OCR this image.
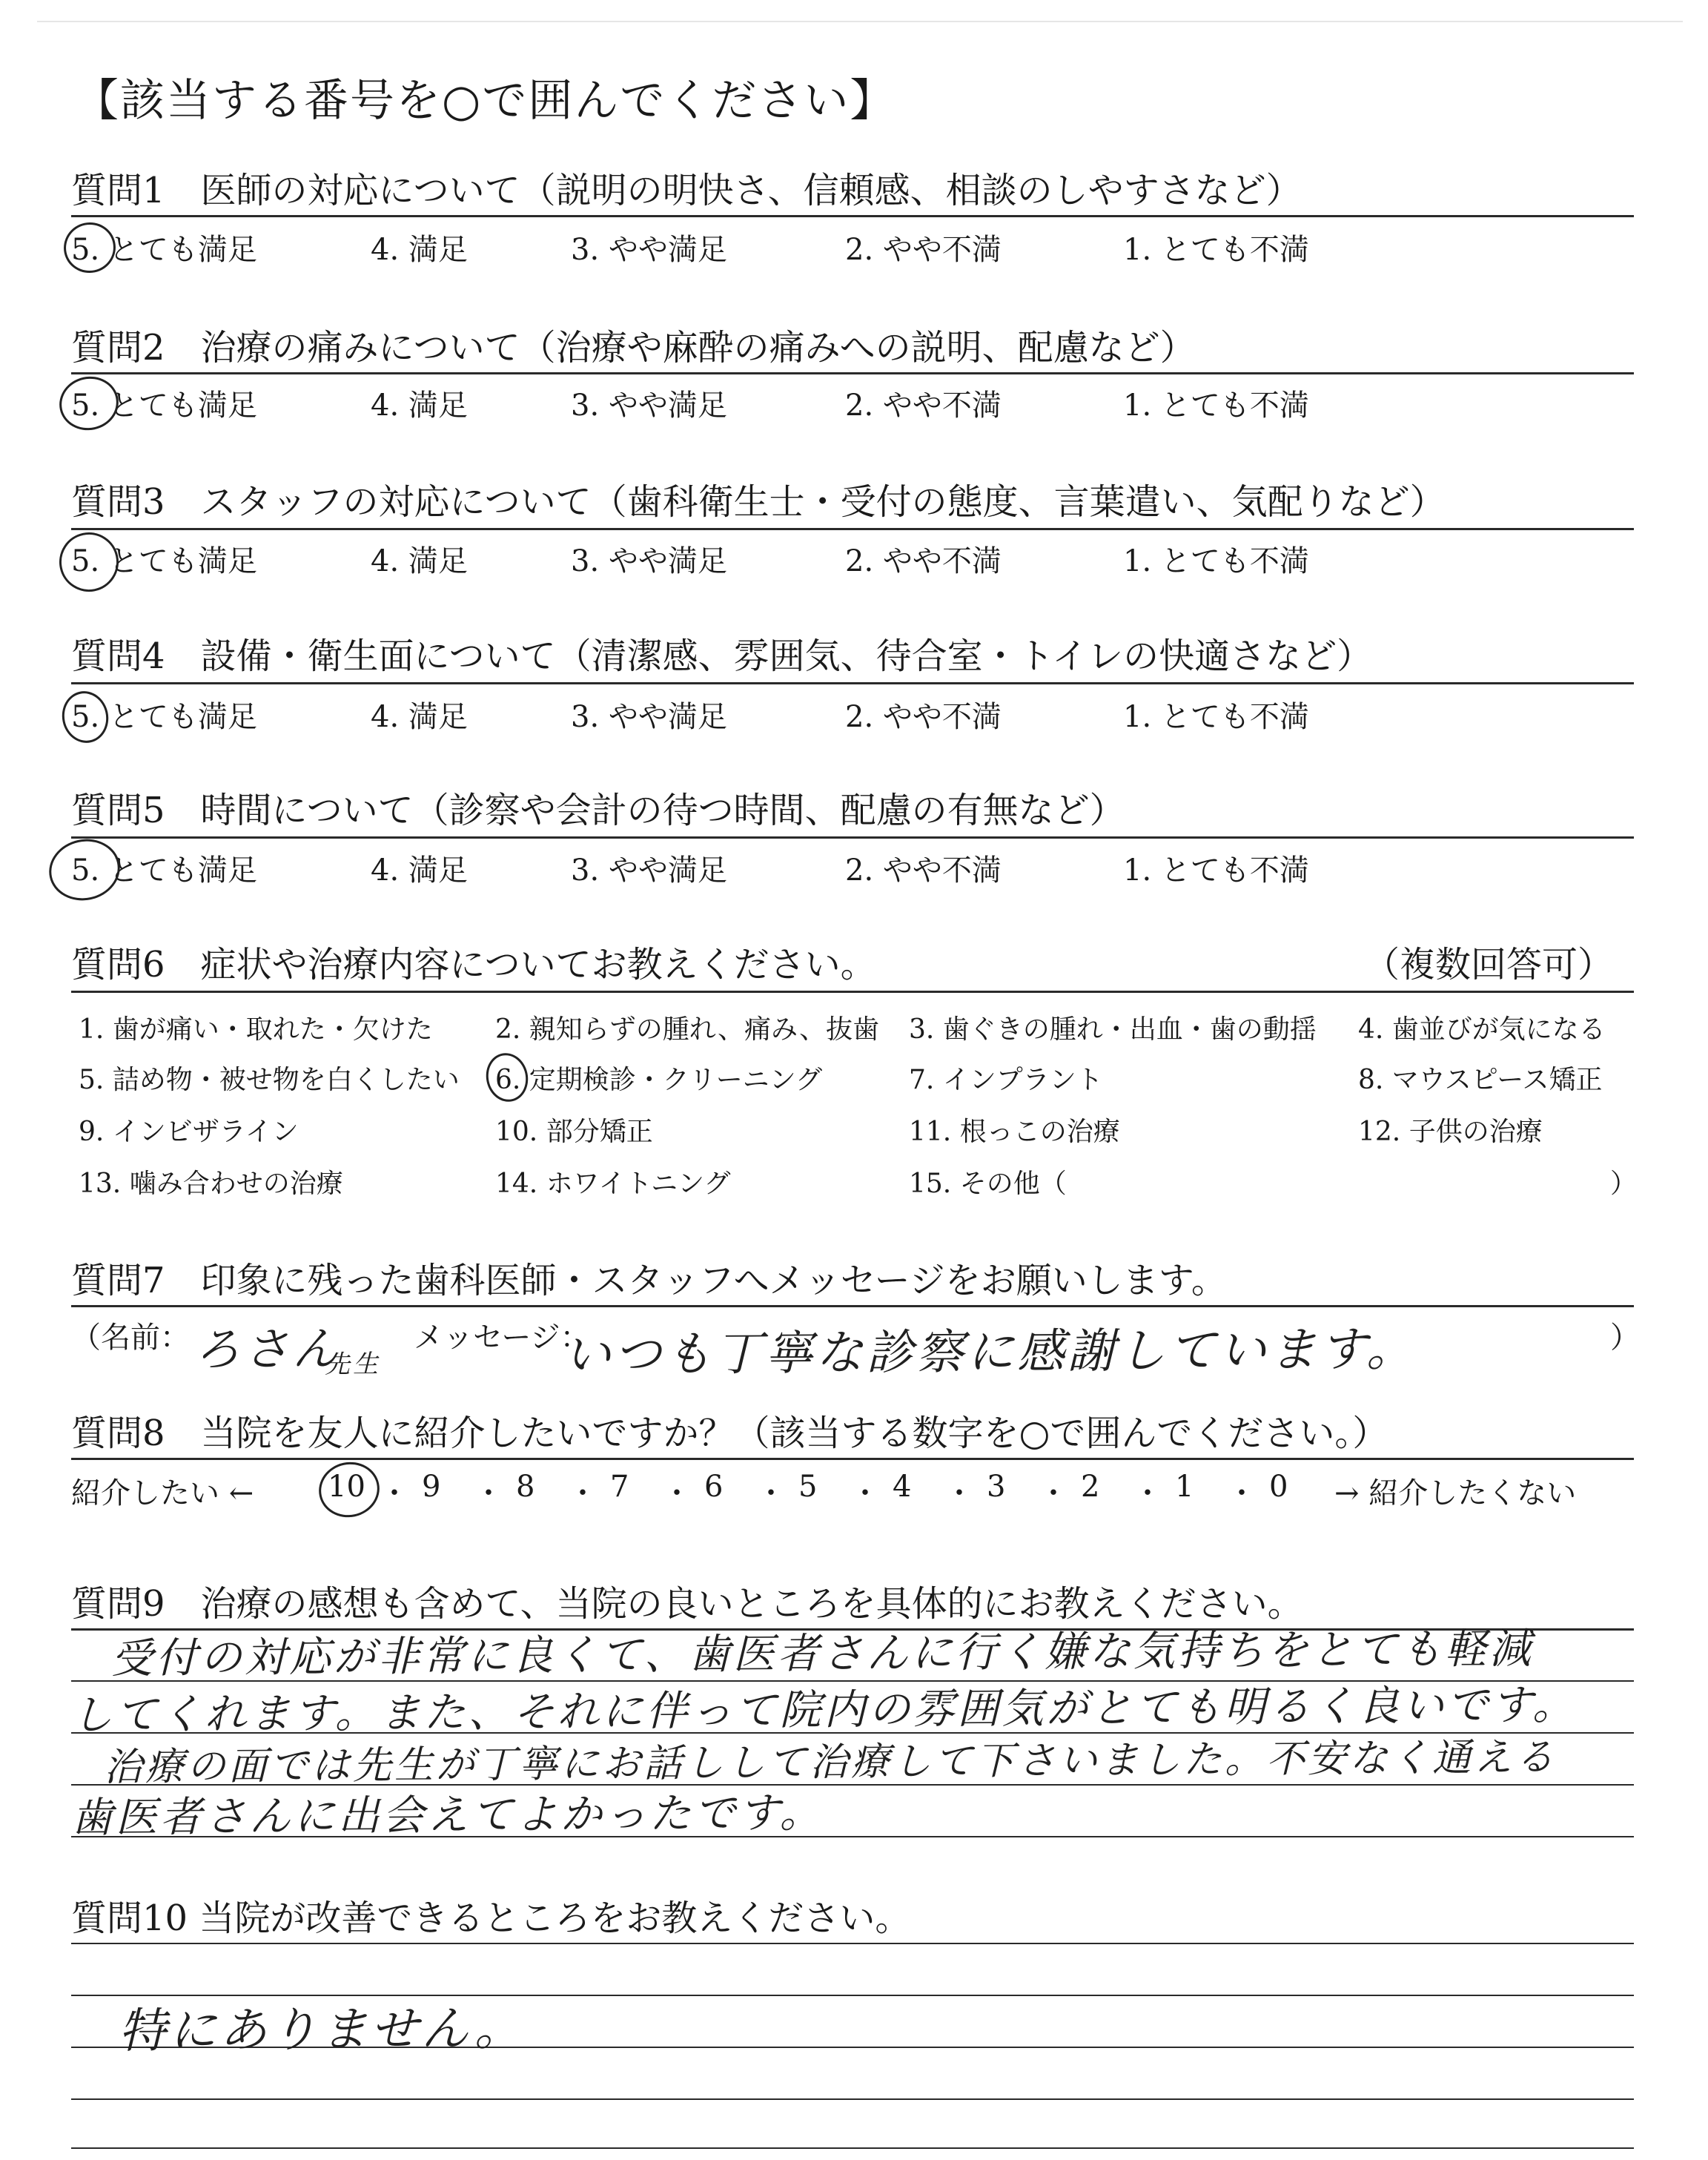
【該当する番号を○で囲んでください】
質問1　医師の対応について（説明の明快さ、信頼感、相談のしやすさなど）
5. とても満足	4. 満足	3. やや満足	2. やや不満	1. とても不満
質問2　治療の痛みについて（治療や麻酔の痛みへの説明、配慮など）
5. とても満足	4. 満足	3. やや満足	2. やや不満	1. とても不満
質問3　スタッフの対応について（歯科衛生士・受付の態度、言葉遣い、気配りなど）
5. とても満足	4. 満足	3. やや満足	2. やや不満	1. とても不満
質問4　設備・衛生面について（清潔感、雰囲気、待合室・トイレの快適さなど）
5. とても満足	4. 満足	3. やや満足	2. やや不満	1. とても不満
質問5　時間について（診察や会計の待つ時間、配慮の有無など）
5. とても満足	4. 満足	3. やや満足	2. やや不満	1. とても不満
質問6　症状や治療内容についてお教えください。	（複数回答可）
1. 歯が痛い・取れた・欠けた 2. 親知らずの腫れ、痛み、抜歯 3. 歯ぐきの腫れ・出血・歯の動揺 4. 歯並びが気になる
5. 詰め物・被せ物を白くしたい 6. 定期検診・クリーニング	7. インプラント	8. マウスピース矯正
9. インビザライン	10. 部分矯正	11. 根っこの治療	12. 子供の治療
13. 噛み合わせの治療	14. ホワイトニング	15. その他（	）
質問7　印象に残った歯科医師・スタッフへメッセージをお願いします。
（名前： ろさん
先生
メッセージ：
いつも丁寧な診察に感謝しています。	）
質問8　当院を友人に紹介したいですか？（該当する数字を○で囲んでください。）
紹介したい ← 10 ・ 9 ・ 8 ・ 7 ・ 6 ・ 5 ・ 4 ・ 3 ・ 2 ・ 1 ・ 0 → 紹介したくない
質問9　治療の感想も含めて、当院の良いところを具体的にお教えください。
受付の対応が非常に良くて、歯医者さんに行く嫌な気持ちをとても軽減
してくれます。また、それに伴って院内の雰囲気がとても明るく良いです。
治療の面では先生が丁寧にお話しして治療して下さいました。不安なく通える
歯医者さんに出会えてよかったです。
質問10 当院が改善できるところをお教えください。
特にありません。
